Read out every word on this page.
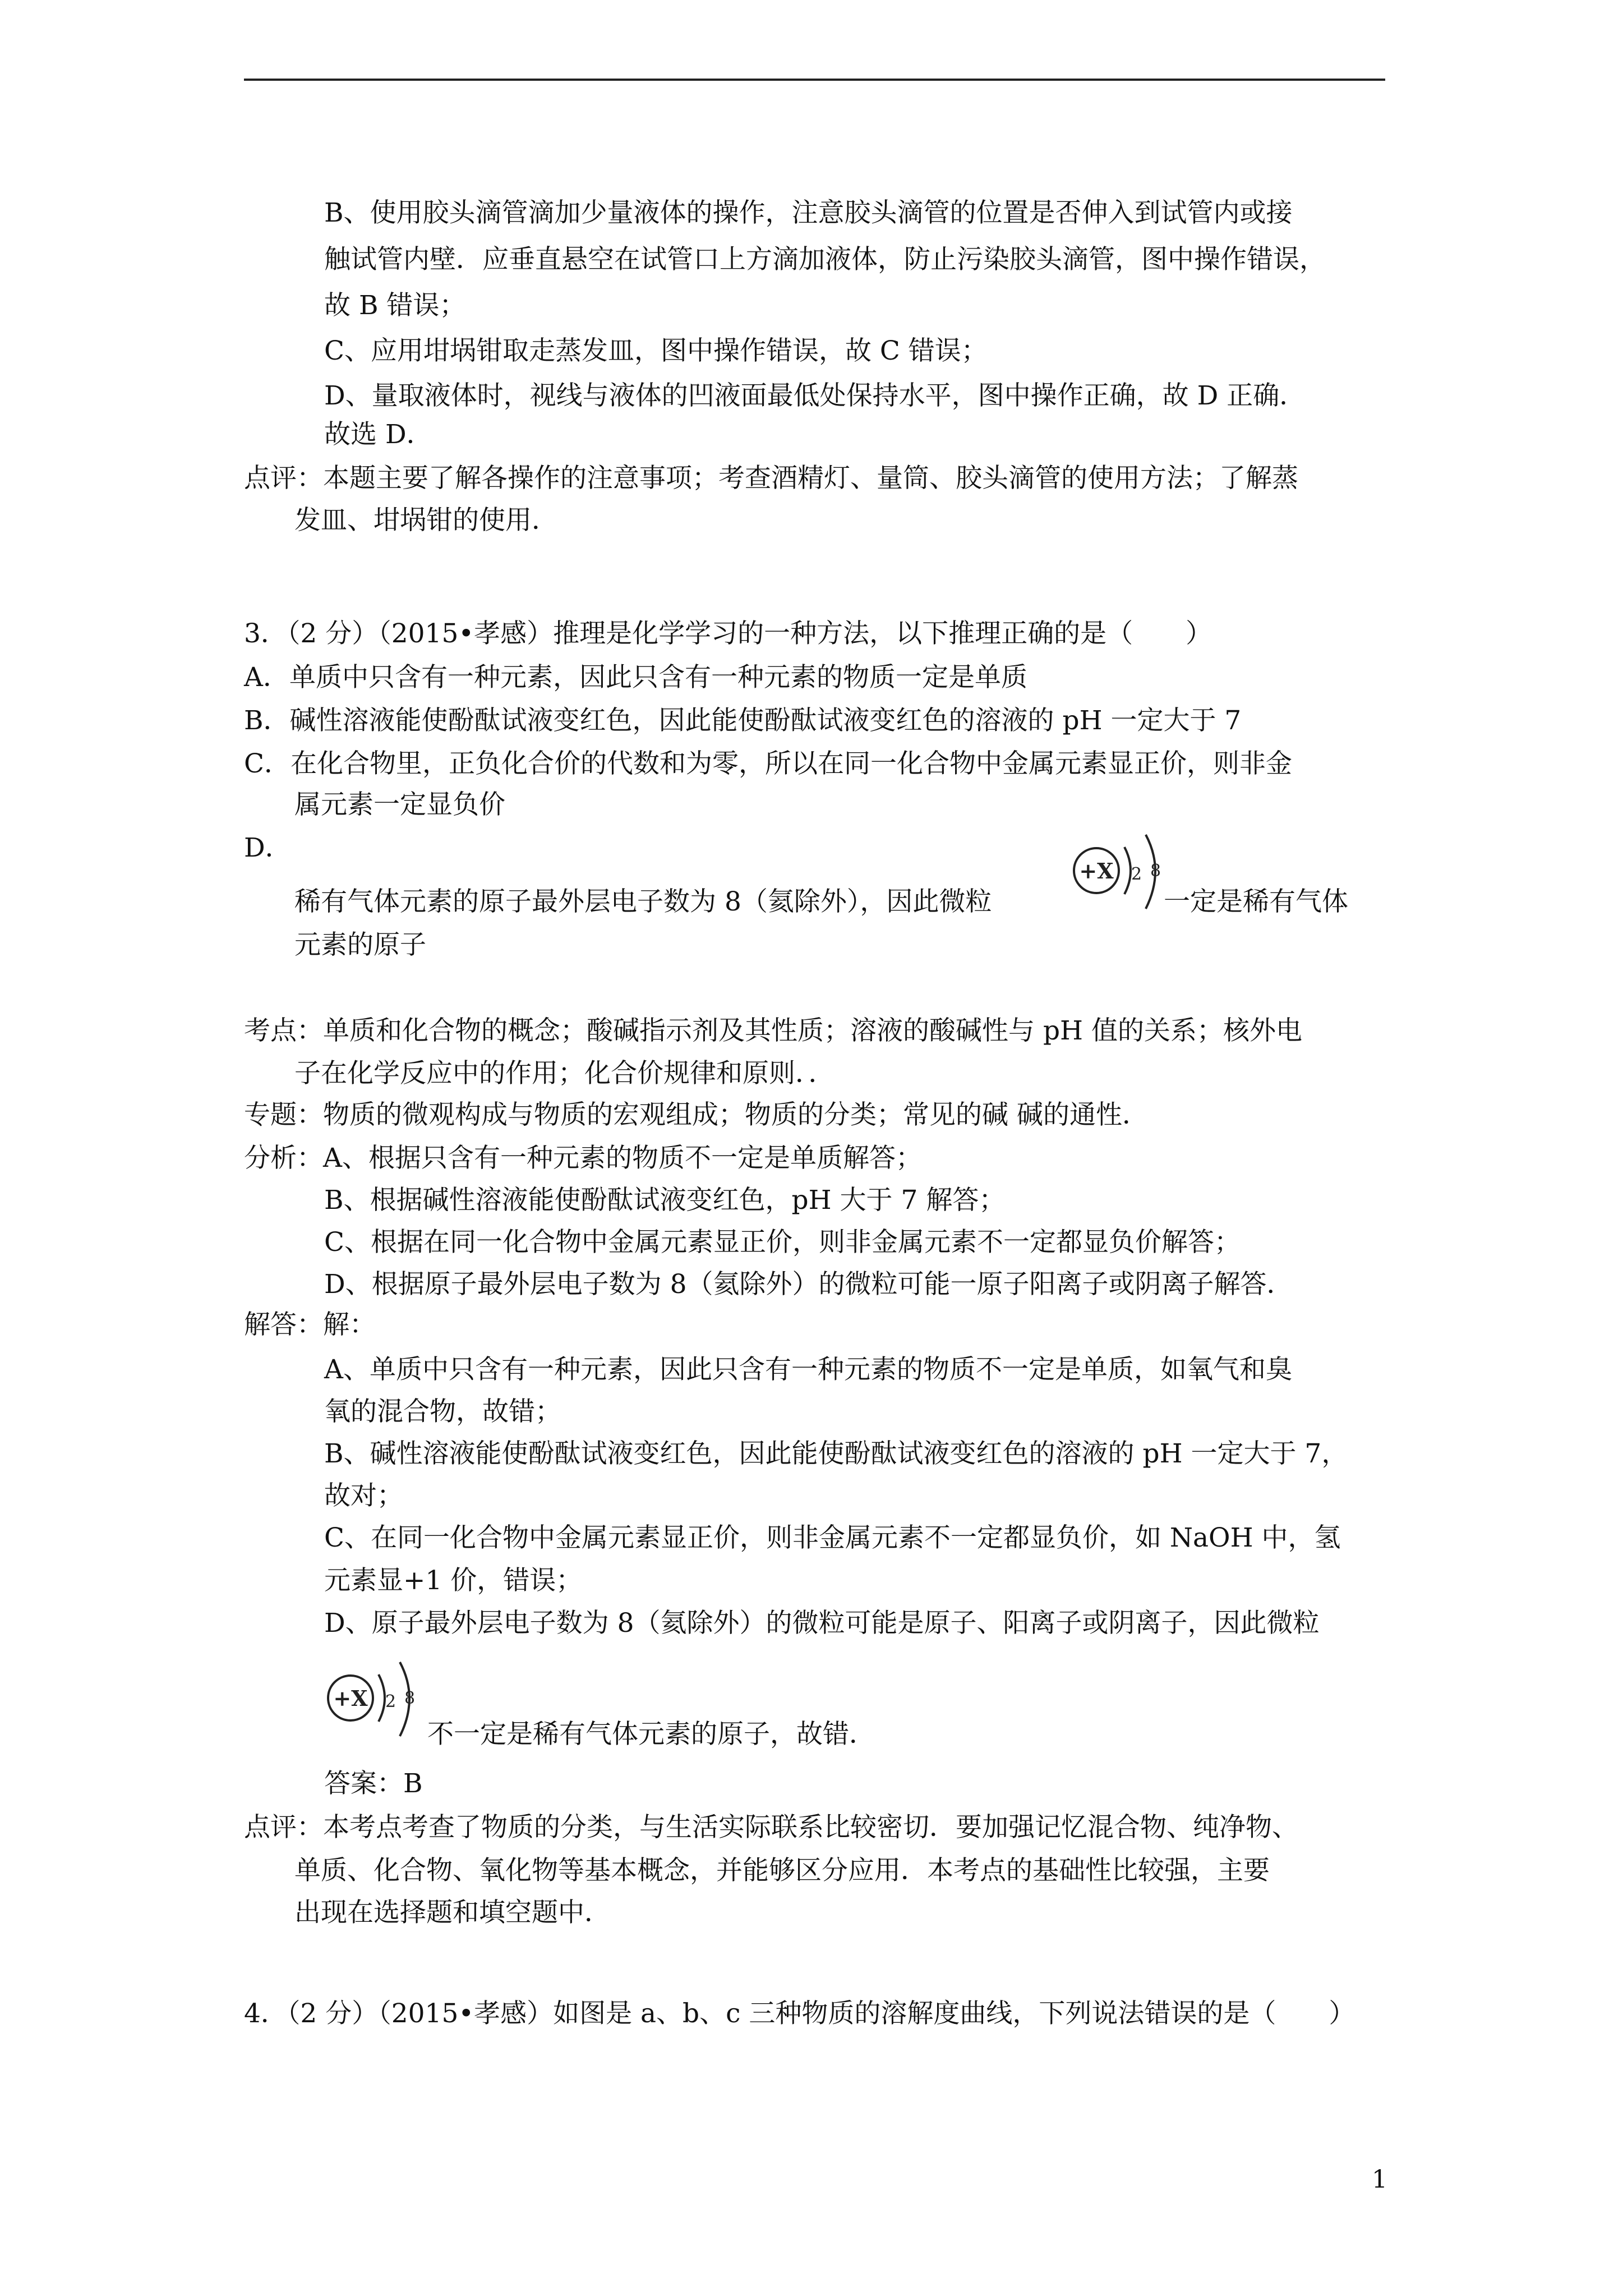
B、使用胶头滴管滴加少量液体的操作，注意胶头滴管的位置是否伸入到试管内或接
触试管内壁．应垂直悬空在试管口上方滴加液体，防止污染胶头滴管，图中操作错误，
故 B 错误；
C、应用坩埚钳取走蒸发皿，图中操作错误，故 C 错误；
D、量取液体时，视线与液体的凹液面最低处保持水平，图中操作正确，故 D 正确．
故选 D．
点评：本题主要了解各操作的注意事项；考查酒精灯、量筒、胶头滴管的使用方法；了解蒸
发皿、坩埚钳的使用．
3．（2 分）（2015•孝感）推理是化学学习的一种方法，以下推理正确的是（　　）
A．单质中只含有一种元素，因此只含有一种元素的物质一定是单质
B．碱性溶液能使酚酞试液变红色，因此能使酚酞试液变红色的溶液的 pH 一定大于 7
C．在化合物里，正负化合价的代数和为零，所以在同一化合物中金属元素显正价，则非金
属元素一定显负价
D．
稀有气体元素的原子最外层电子数为 8（氦除外），因此微粒
+X 2 8
一定是稀有气体
元素的原子
考点：单质和化合物的概念；酸碱指示剂及其性质；溶液的酸碱性与 pH 值的关系；核外电
子在化学反应中的作用；化合价规律和原则．．
专题：物质的微观构成与物质的宏观组成；物质的分类；常见的碱 碱的通性．
分析：A、根据只含有一种元素的物质不一定是单质解答；
B、根据碱性溶液能使酚酞试液变红色，pH 大于 7 解答；
C、根据在同一化合物中金属元素显正价，则非金属元素不一定都显负价解答；
D、根据原子最外层电子数为 8（氦除外）的微粒可能一原子阳离子或阴离子解答．
解答：解：
A、单质中只含有一种元素，因此只含有一种元素的物质不一定是单质，如氧气和臭
氧的混合物，故错；
B、碱性溶液能使酚酞试液变红色，因此能使酚酞试液变红色的溶液的 pH 一定大于 7，
故对；
C、在同一化合物中金属元素显正价，则非金属元素不一定都显负价，如 NaOH 中，氢
元素显+1 价，错误；
D、原子最外层电子数为 8（氦除外）的微粒可能是原子、阳离子或阴离子，因此微粒
+X 2 8
不一定是稀有气体元素的原子，故错．
答案：B
点评：本考点考查了物质的分类，与生活实际联系比较密切．要加强记忆混合物、纯净物、
单质、化合物、氧化物等基本概念，并能够区分应用．本考点的基础性比较强，主要
出现在选择题和填空题中．
4．（2 分）（2015•孝感）如图是 a、b、c 三种物质的溶解度曲线，下列说法错误的是（　　）
1
